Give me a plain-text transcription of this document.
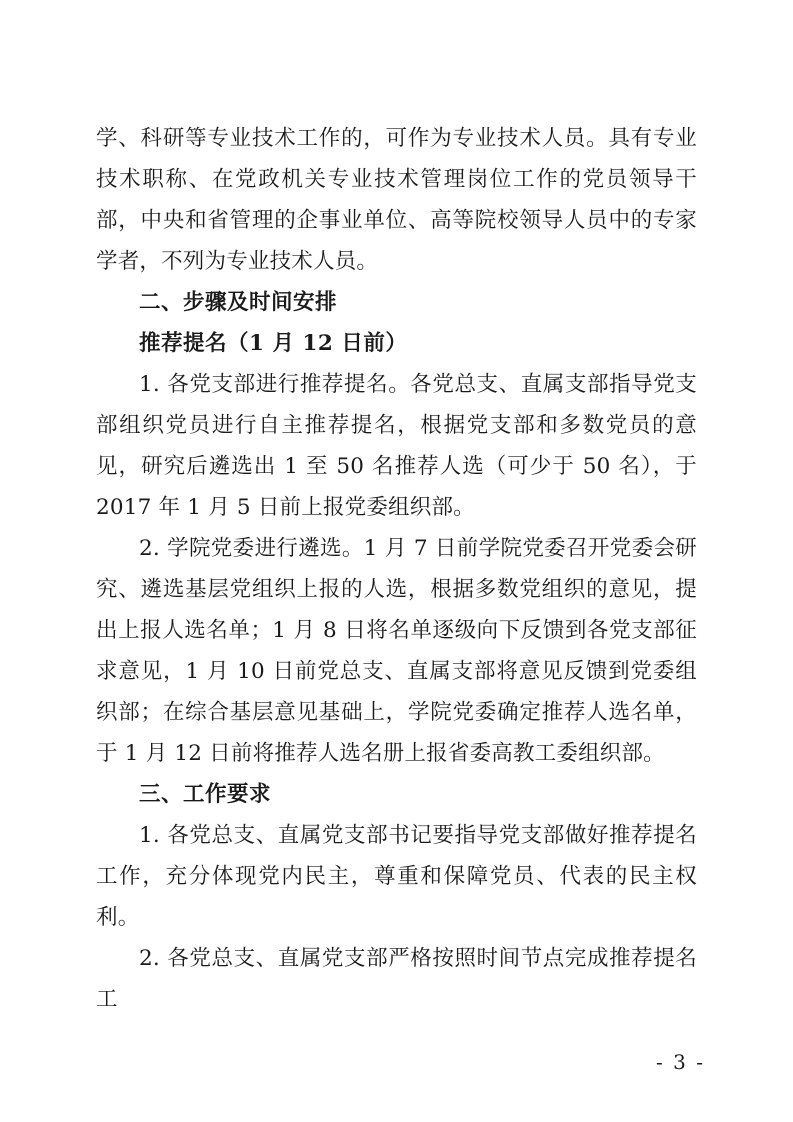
学、科研等专业技术工作的，可作为专业技术人员。具有专业技术职称、在党政机关专业技术管理岗位工作的党员领导干部，中央和省管理的企事业单位、高等院校领导人员中的专家学者，不列为专业技术人员。

二、步骤及时间安排

推荐提名（1 月 12 日前）

1. 各党支部进行推荐提名。各党总支、直属支部指导党支部组织党员进行自主推荐提名，根据党支部和多数党员的意见，研究后遴选出 1 至 50 名推荐人选（可少于 50 名），于 2017 年 1 月 5 日前上报党委组织部。

2. 学院党委进行遴选。1 月 7 日前学院党委召开党委会研究、遴选基层党组织上报的人选，根据多数党组织的意见，提出上报人选名单；1 月 8 日将名单逐级向下反馈到各党支部征求意见，1 月 10 日前党总支、直属支部将意见反馈到党委组织部；在综合基层意见基础上，学院党委确定推荐人选名单，于 1 月 12 日前将推荐人选名册上报省委高教工委组织部。

三、工作要求

1. 各党总支、直属党支部书记要指导党支部做好推荐提名工作，充分体现党内民主，尊重和保障党员、代表的民主权利。

2. 各党总支、直属党支部严格按照时间节点完成推荐提名工

- 3 -
